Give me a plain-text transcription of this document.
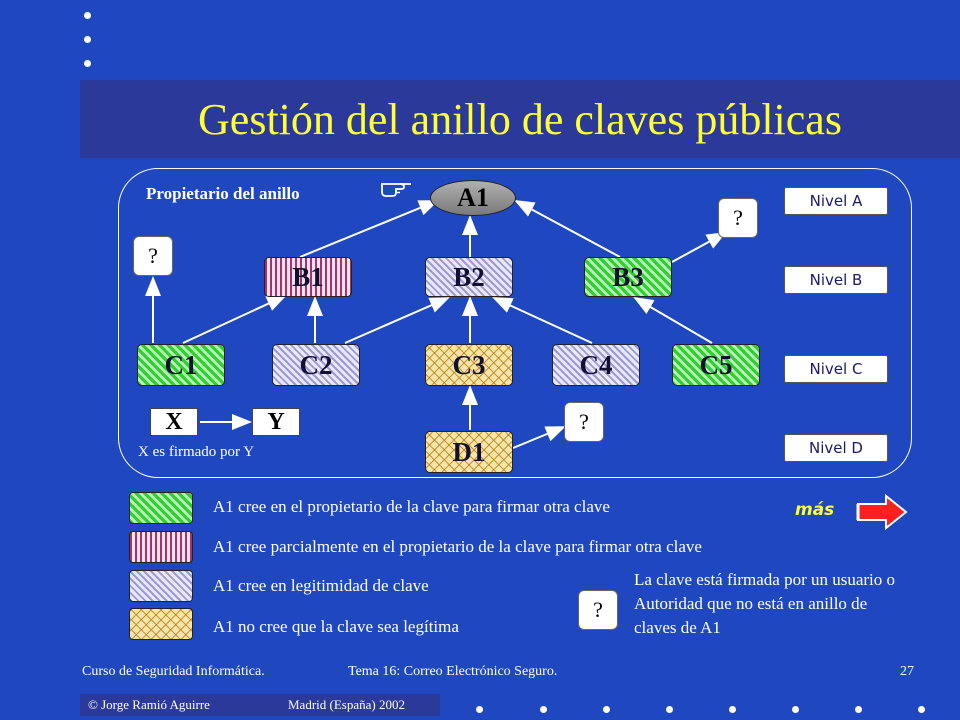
Gestión del anillo de claves públicas
Propietario del anillo	A1
B1	B2	B3
C1	C2	C3	C4	C5
D1
?
?
?
Nivel A
Nivel B
Nivel C
Nivel D
X	Y
X es firmado por Y
A1 cree en el propietario de la clave para firmar otra clave
A1 cree parcialmente en el propietario de la clave para firmar otra clave
A1 cree en legitimidad de clave
A1 no cree que la clave sea legítima
más
?
La clave está firmada por un usuario o Autoridad que no está en anillo de claves de A1
Curso de Seguridad Informática.	Tema 16: Correo Electrónico Seguro.	27
© Jorge Ramió Aguirre	Madrid (España) 2002
